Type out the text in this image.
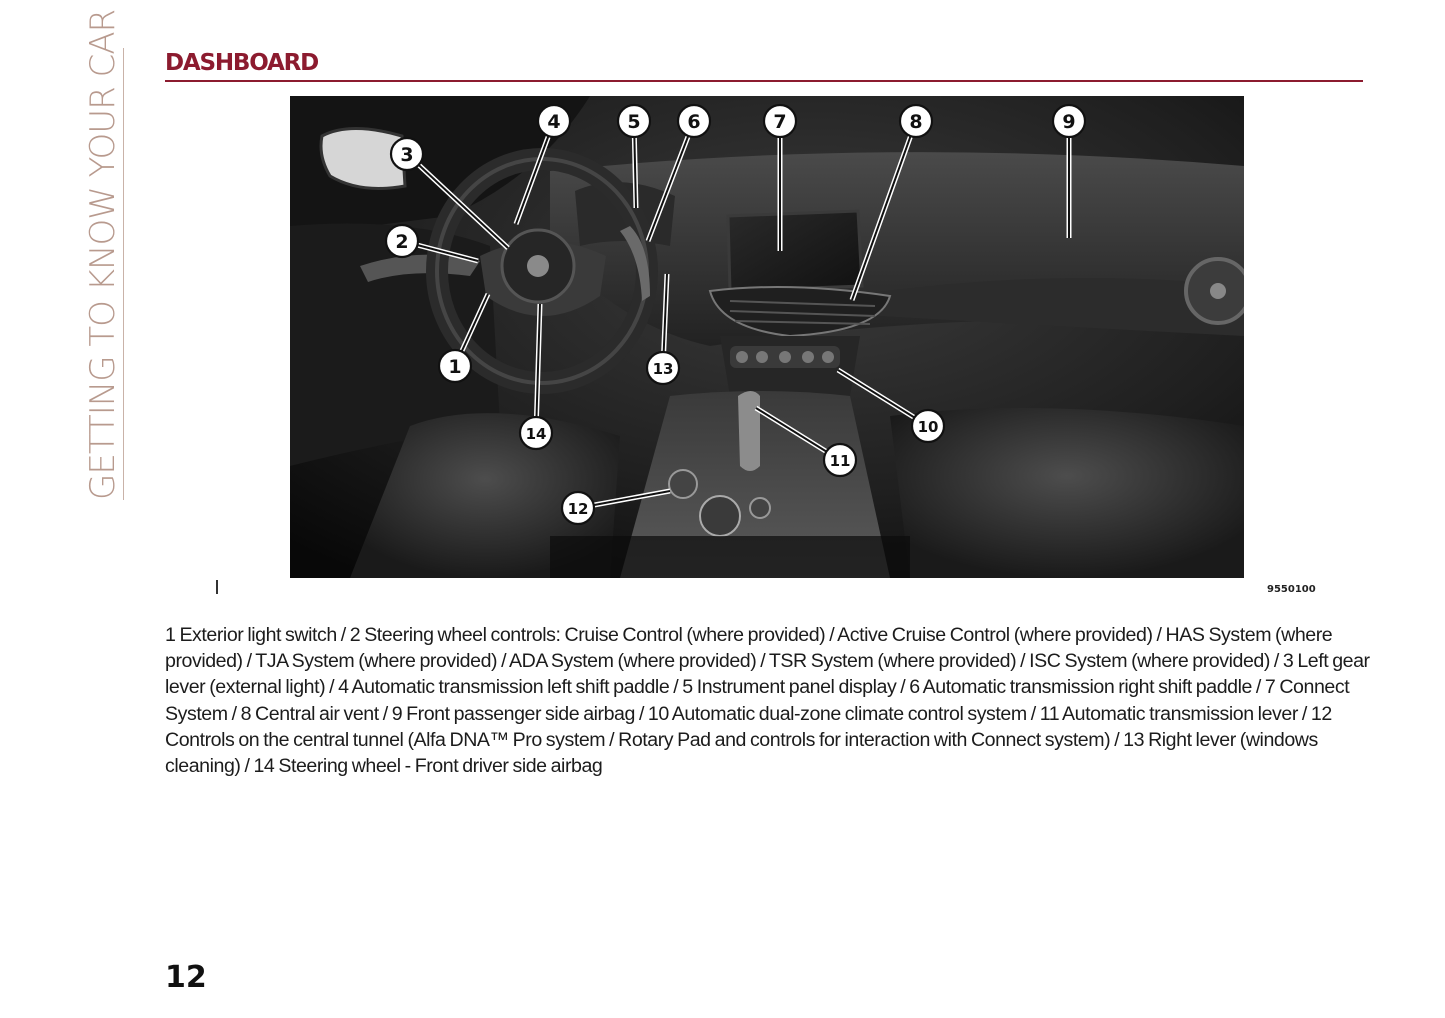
GETTING TO KNOW YOUR CAR DASHBOARD
1
2
3
4	5 6	7	8	9
10
11
12
13
14
9550100
1 Exterior light switch / 2 Steering wheel controls: Cruise Control (where provided) / Active Cruise Control (where provided) / HAS System (where provided) / TJA System (where provided) / ADA System (where provided) / TSR System (where provided) / ISC System (where provided) / 3 Left gear lever (external light) / 4 Automatic transmission left shift paddle / 5 Instrument panel display / 6 Automatic transmission right shift paddle / 7 Connect System / 8 Central air vent / 9 Front passenger side airbag / 10 Automatic dual-zone climate control system / 11 Automatic transmission lever / 12 Controls on the central tunnel (Alfa DNA™ Pro system / Rotary Pad and controls for interaction with Connect system) / 13 Right lever (windows cleaning) / 14 Steering wheel - Front driver side airbag
12
